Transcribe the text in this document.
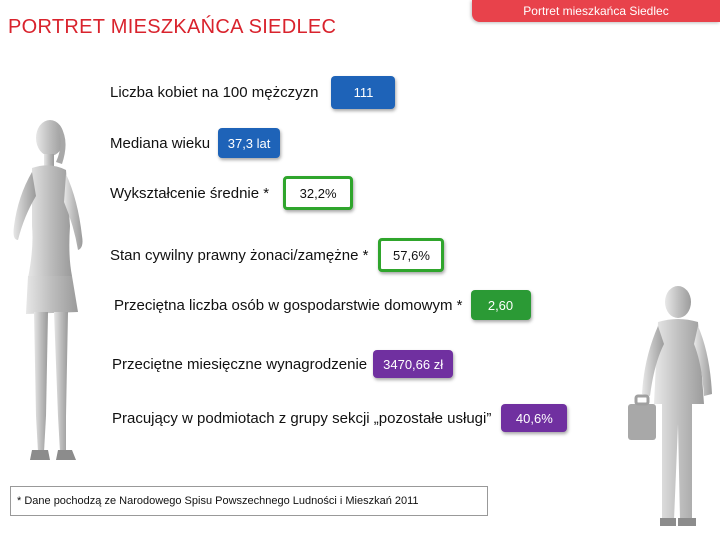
Portret mieszkańca Siedlec
PORTRET MIESZKAŃCA SIEDLEC
Liczba kobiet na 100 mężczyzn	111
Mediana wieku	37,3 lat
Wykształcenie średnie *	32,2%
Stan cywilny prawny żonaci/zamężne *	57,6%
Przeciętna liczba osób w gospodarstwie domowym *	2,60
Przeciętne miesięczne wynagrodzenie	3470,66 zł
Pracujący w podmiotach z grupy sekcji „pozostałe usługi”	40,6%
* Dane pochodzą ze Narodowego Spisu Powszechnego Ludności i Mieszkań 2011
